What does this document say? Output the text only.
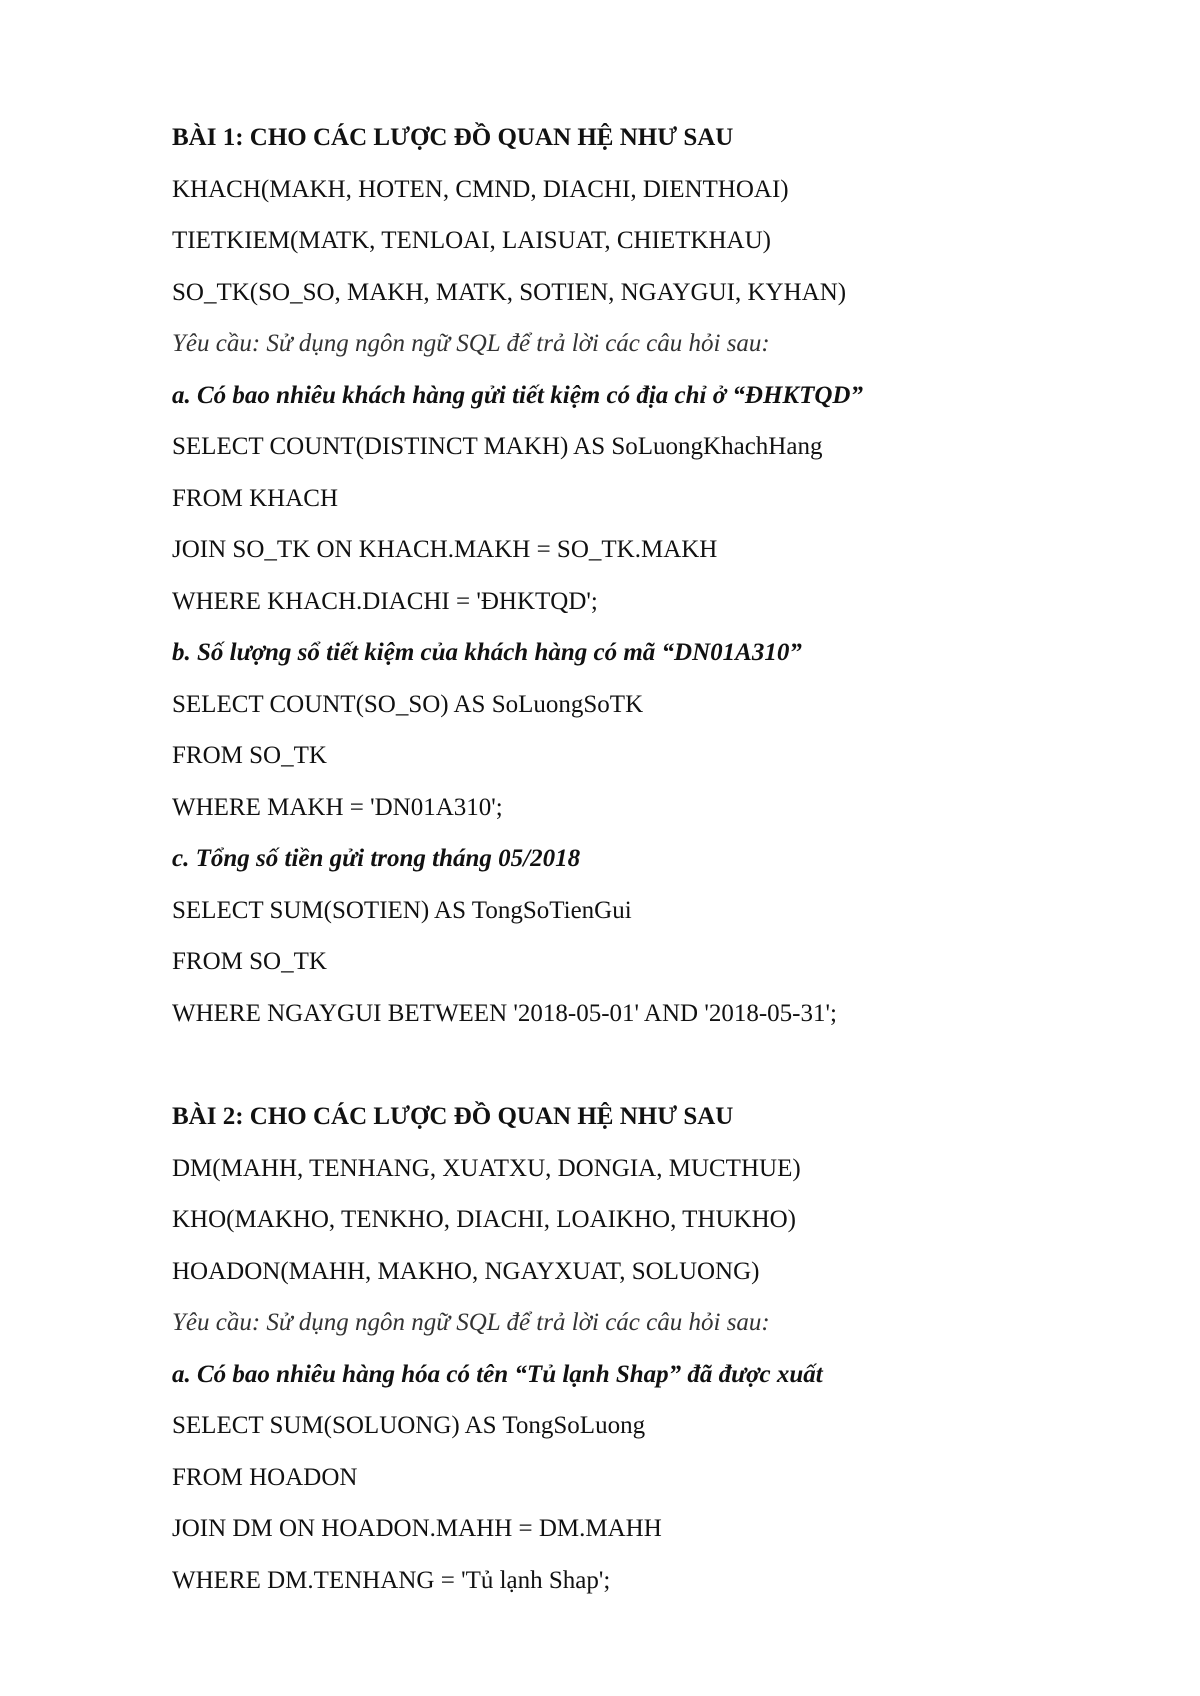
BÀI 1: CHO CÁC LƯỢC ĐỒ QUAN HỆ NHƯ SAU

KHACH(MAKH, HOTEN, CMND, DIACHI, DIENTHOAI)

TIETKIEM(MATK, TENLOAI, LAISUAT, CHIETKHAU)

SO_TK(SO_SO, MAKH, MATK, SOTIEN, NGAYGUI, KYHAN)

Yêu cầu: Sử dụng ngôn ngữ SQL để trả lời các câu hỏi sau:

a. Có bao nhiêu khách hàng gửi tiết kiệm có địa chỉ ở “ĐHKTQD”

SELECT COUNT(DISTINCT MAKH) AS SoLuongKhachHang

FROM KHACH

JOIN SO_TK ON KHACH.MAKH = SO_TK.MAKH

WHERE KHACH.DIACHI = 'ĐHKTQD';

b. Số lượng sổ tiết kiệm của khách hàng có mã “DN01A310”

SELECT COUNT(SO_SO) AS SoLuongSoTK

FROM SO_TK

WHERE MAKH = 'DN01A310';

c. Tổng số tiền gửi trong tháng 05/2018

SELECT SUM(SOTIEN) AS TongSoTienGui

FROM SO_TK

WHERE NGAYGUI BETWEEN '2018-05-01' AND '2018-05-31';

BÀI 2: CHO CÁC LƯỢC ĐỒ QUAN HỆ NHƯ SAU

DM(MAHH, TENHANG, XUATXU, DONGIA, MUCTHUE)

KHO(MAKHO, TENKHO, DIACHI, LOAIKHO, THUKHO)

HOADON(MAHH, MAKHO, NGAYXUAT, SOLUONG)

Yêu cầu: Sử dụng ngôn ngữ SQL để trả lời các câu hỏi sau:

a. Có bao nhiêu hàng hóa có tên “Tủ lạnh Shap” đã được xuất

SELECT SUM(SOLUONG) AS TongSoLuong

FROM HOADON

JOIN DM ON HOADON.MAHH = DM.MAHH

WHERE DM.TENHANG = 'Tủ lạnh Shap';
